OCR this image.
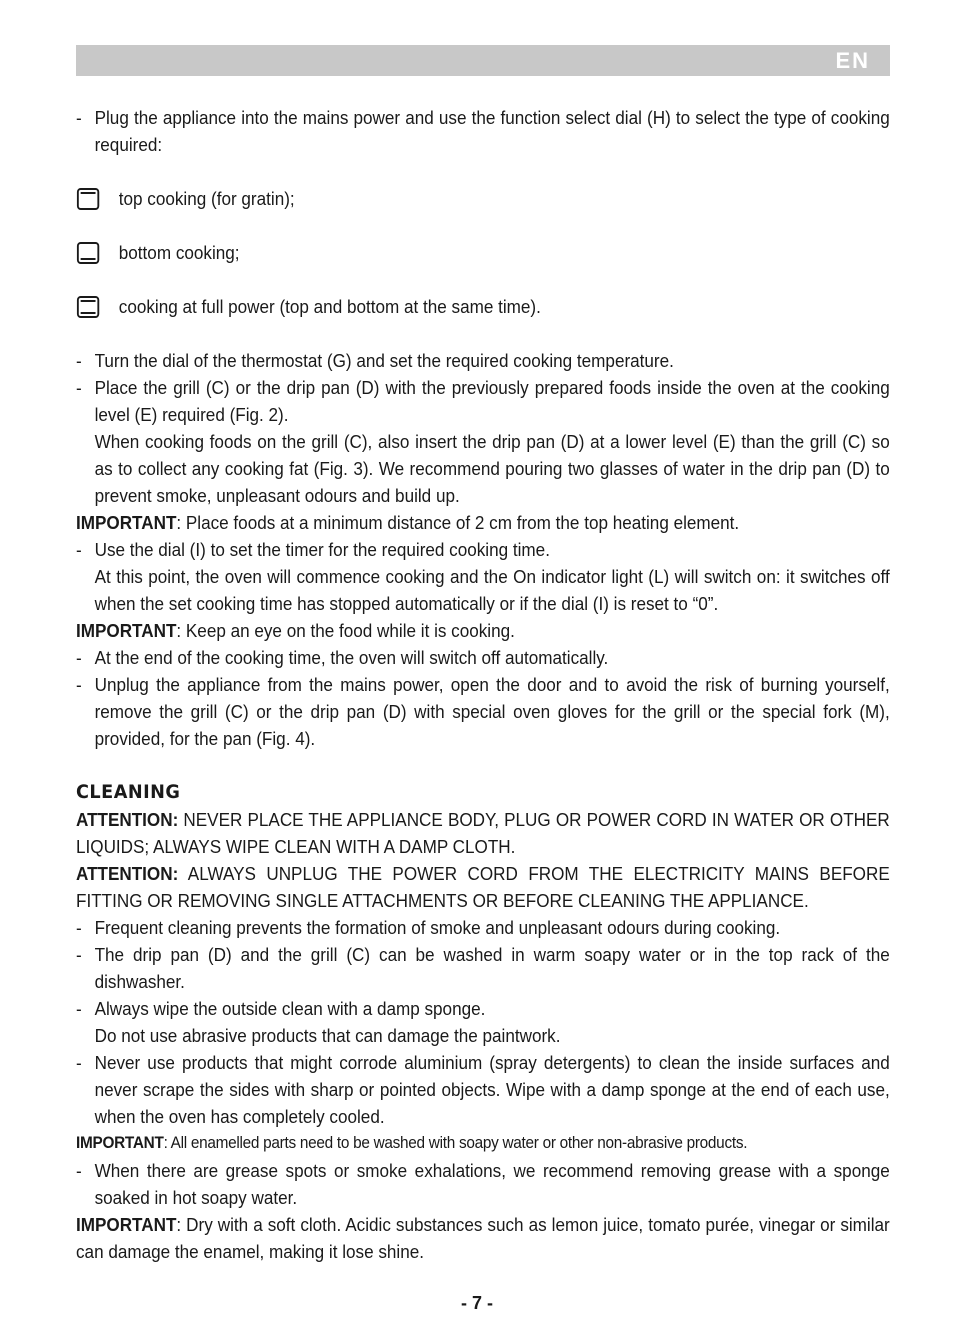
EN
- Plug the appliance into the mains power and use the function select dial (H) to select the type of cooking required:
top cooking (for gratin);
bottom cooking;
cooking at full power (top and bottom at the same time).
- Turn the dial of the thermostat (G) and set the required cooking temperature.
- Place the grill (C) or the drip pan (D) with the previously prepared foods inside the oven at the cooking level (E) required (Fig. 2).
When cooking foods on the grill (C), also insert the drip pan (D) at a lower level (E) than the grill (C) so as to collect any cooking fat (Fig. 3). We recommend pouring two glasses of water in the drip pan (D) to prevent smoke, unpleasant odours and build up.
IMPORTANT: Place foods at a minimum distance of 2 cm from the top heating element.
- Use the dial (I) to set the timer for the required cooking time.
At this point, the oven will commence cooking and the On indicator light (L) will switch on: it switches off when the set cooking time has stopped automatically or if the dial (I) is reset to “0”.
IMPORTANT: Keep an eye on the food while it is cooking.
- At the end of the cooking time, the oven will switch off automatically.
- Unplug the appliance from the mains power, open the door and to avoid the risk of burning yourself, remove the grill (C) or the drip pan (D) with special oven gloves for the grill or the special fork (M), provided, for the pan (Fig. 4).
CLEANING
ATTENTION: NEVER PLACE THE APPLIANCE BODY, PLUG OR POWER CORD IN WATER OR OTHER LIQUIDS; ALWAYS WIPE CLEAN WITH A DAMP CLOTH.
ATTENTION: ALWAYS UNPLUG THE POWER CORD FROM THE ELECTRICITY MAINS BEFORE FITTING OR REMOVING SINGLE ATTACHMENTS OR BEFORE CLEANING THE APPLIANCE.
- Frequent cleaning prevents the formation of smoke and unpleasant odours during cooking.
- The drip pan (D) and the grill (C) can be washed in warm soapy water or in the top rack of the dishwasher.
- Always wipe the outside clean with a damp sponge.
Do not use abrasive products that can damage the paintwork.
- Never use products that might corrode aluminium (spray detergents) to clean the inside surfaces and never scrape the sides with sharp or pointed objects. Wipe with a damp sponge at the end of each use, when the oven has completely cooled.
IMPORTANT: All enamelled parts need to be washed with soapy water or other non-abrasive products.
- When there are grease spots or smoke exhalations, we recommend removing grease with a sponge soaked in hot soapy water.
IMPORTANT: Dry with a soft cloth. Acidic substances such as lemon juice, tomato purée, vinegar or similar can damage the enamel, making it lose shine.
- 7 -
